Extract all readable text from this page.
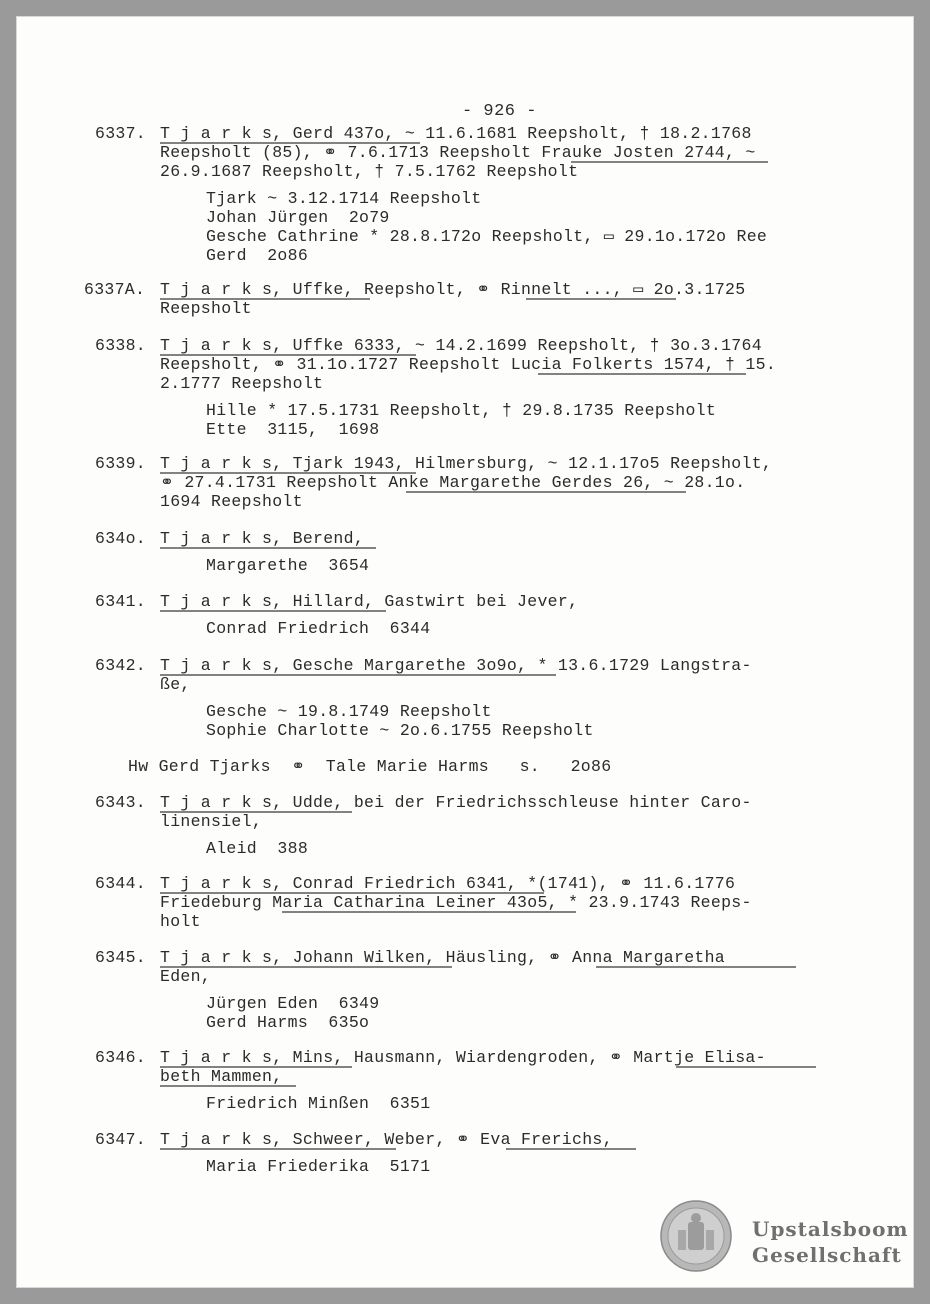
- 926 -
6337. T j a r k s, Gerd 437o, ~ 11.6.1681 Reepsholt, † 18.2.1768
Reepsholt (85), ⚭ 7.6.1713 Reepsholt Frauke Josten 2744, ~
26.9.1687 Reepsholt, † 7.5.1762 Reepsholt
Tjark ~ 3.12.1714 Reepsholt
Johan Jürgen  2o79
Gesche Cathrine * 28.8.172o Reepsholt, ▭ 29.1o.172o Ree
Gerd  2o86
6337A. T j a r k s, Uffke, Reepsholt, ⚭ Rinnelt ..., ▭ 2o.3.1725
Reepsholt
6338. T j a r k s, Uffke 6333, ~ 14.2.1699 Reepsholt, † 3o.3.1764
Reepsholt, ⚭ 31.1o.1727 Reepsholt Lucia Folkerts 1574, † 15.
2.1777 Reepsholt
Hille * 17.5.1731 Reepsholt, † 29.8.1735 Reepsholt
Ette  3115,  1698
6339. T j a r k s, Tjark 1943, Hilmersburg, ~ 12.1.17o5 Reepsholt,
⚭ 27.4.1731 Reepsholt Anke Margarethe Gerdes 26, ~ 28.1o.
1694 Reepsholt
634o. T j a r k s, Berend,
Margarethe  3654
6341. T j a r k s, Hillard, Gastwirt bei Jever,
Conrad Friedrich  6344
6342. T j a r k s, Gesche Margarethe 3o9o, * 13.6.1729 Langstra-
ße,
Gesche ~ 19.8.1749 Reepsholt
Sophie Charlotte ~ 2o.6.1755 Reepsholt
Hw Gerd Tjarks  ⚭  Tale Marie Harms   s.   2o86
6343. T j a r k s, Udde, bei der Friedrichsschleuse hinter Caro-
linensiel,
Aleid  388
6344. T j a r k s, Conrad Friedrich 6341, *(1741), ⚭ 11.6.1776
Friedeburg Maria Catharina Leiner 43o5, * 23.9.1743 Reeps-
holt
6345. T j a r k s, Johann Wilken, Häusling, ⚭ Anna Margaretha
Eden,
Jürgen Eden  6349
Gerd Harms  635o
6346. T j a r k s, Mins, Hausmann, Wiardengroden, ⚭ Martje Elisa-
beth Mammen,
Friedrich Minßen  6351
6347. T j a r k s, Schweer, Weber, ⚭ Eva Frerichs,
Maria Friederika  5171
Upstalsboom
Gesellschaft
